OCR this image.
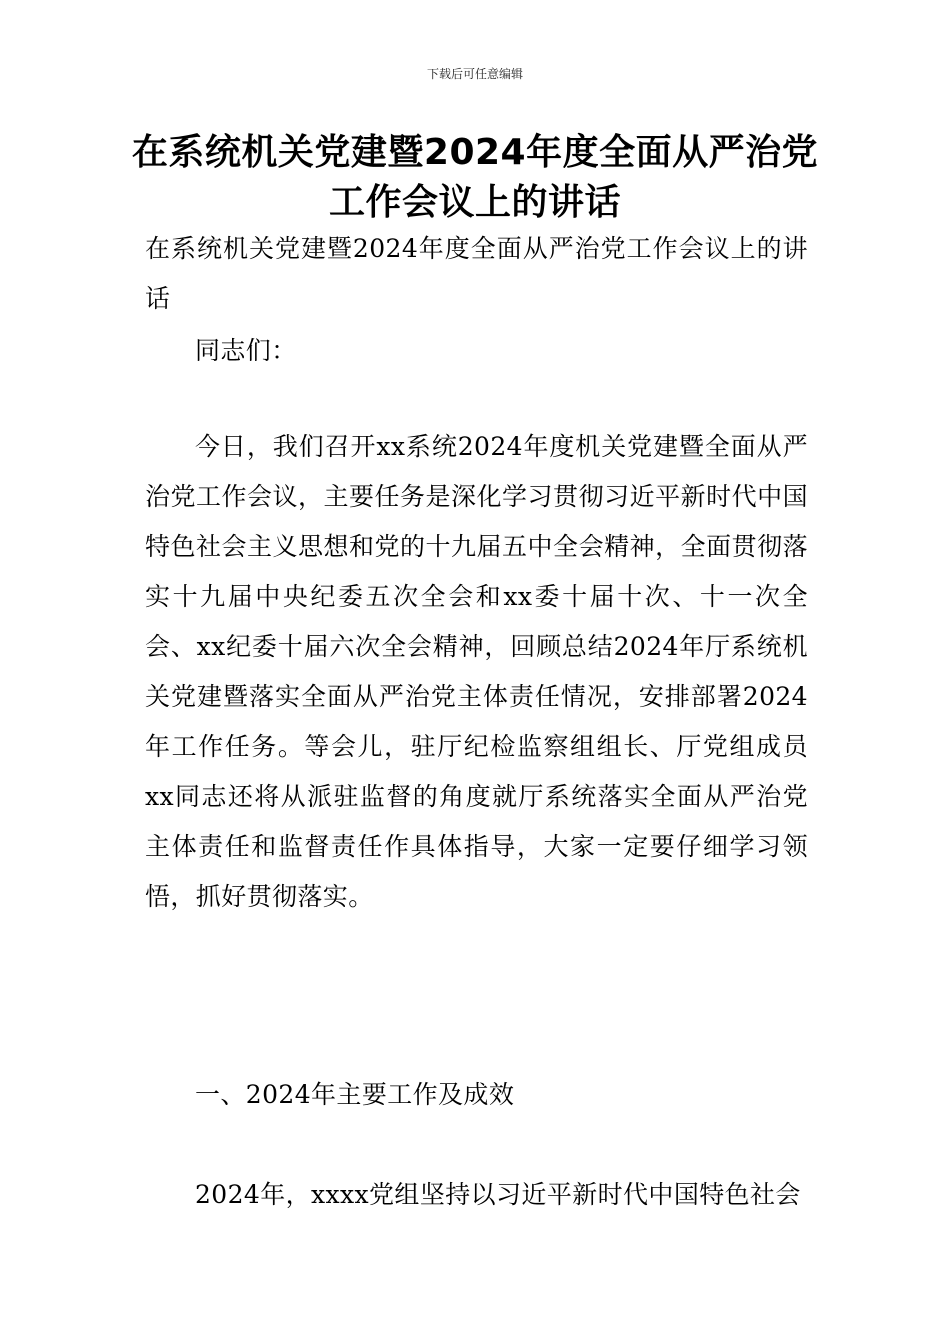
下载后可任意编辑
在系统机关党建暨2024年度全面从严治党工作会议上的讲话
在系统机关党建暨2024年度全面从严治党工作会议上的讲话
同志们：
今日，我们召开xx系统2024年度机关党建暨全面从严治党工作会议，主要任务是深化学习贯彻习近平新时代中国特色社会主义思想和党的十九届五中全会精神，全面贯彻落实十九届中央纪委五次全会和xx委十届十次、十一次全会、xx纪委十届六次全会精神，回顾总结2024年厅系统机关党建暨落实全面从严治党主体责任情况，安排部署2024年工作任务。等会儿，驻厅纪检监察组组长、厅党组成员xx同志还将从派驻监督的角度就厅系统落实全面从严治党主体责任和监督责任作具体指导，大家一定要仔细学习领悟，抓好贯彻落实。
一、2024年主要工作及成效
2024年，xxxx党组坚持以习近平新时代中国特色社会
